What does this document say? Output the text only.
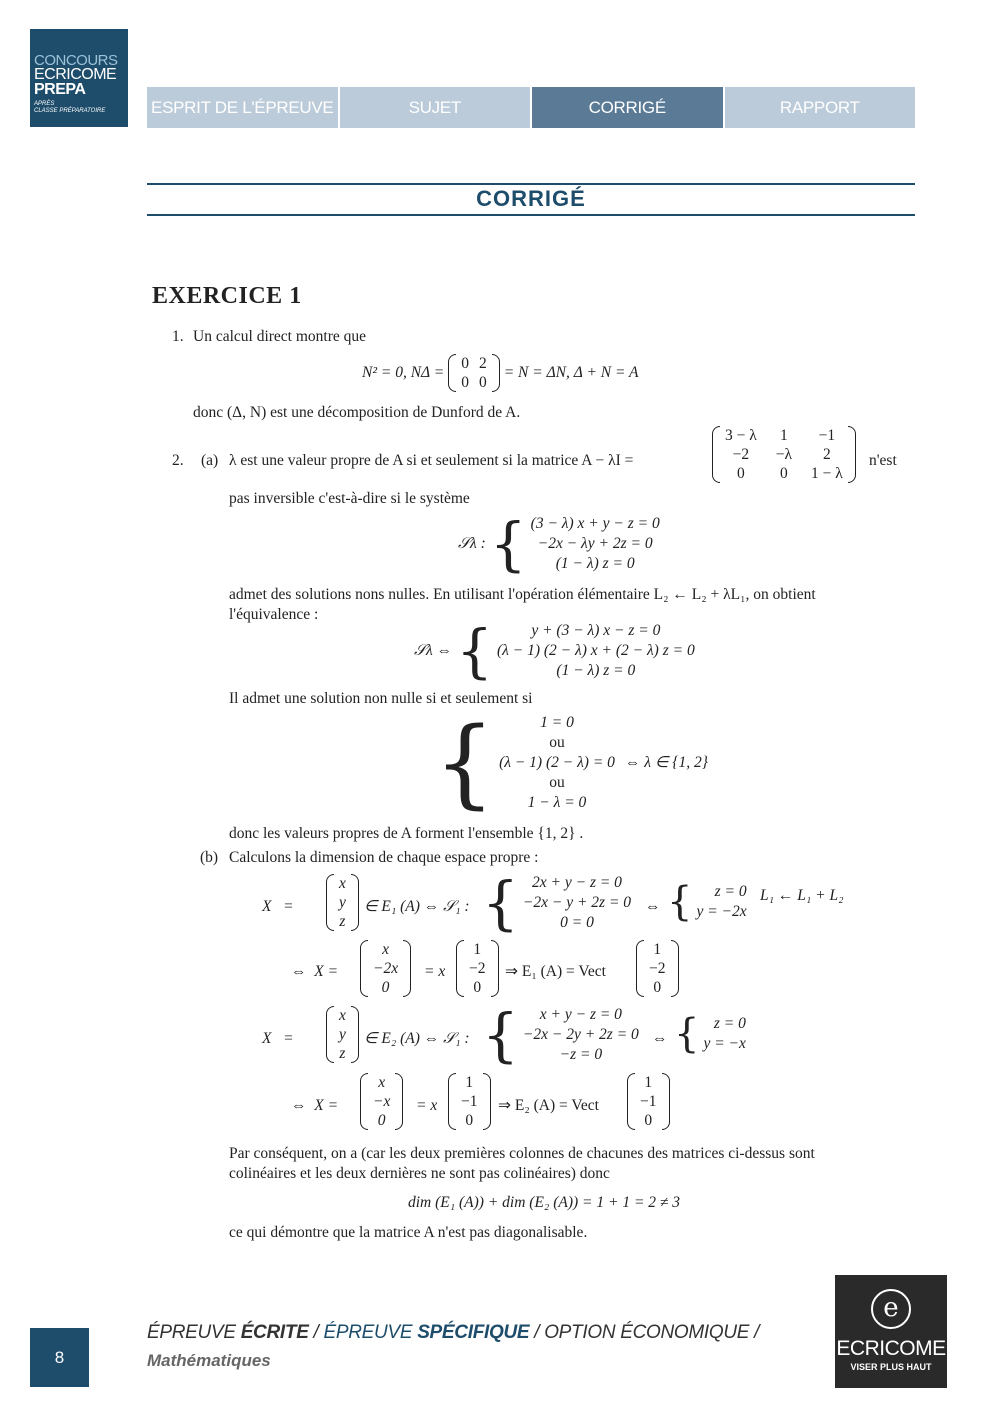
CONCOURS
ECRICOME
PREPA
APRÈS
CLASSE PRÉPARATOIRE	ESPRIT DE L'ÉPREUVE	SUJET	CORRIGÉ	RAPPORT
CORRIGÉ
EXERCICE 1
1. Un calcul direct montre que
N² = 0, NΔ =
0	2
0	0
= N = ΔN, Δ + N = A
donc (Δ, N) est une décomposition de Dunford de A.
2. (a) λ est une valeur propre de A si et seulement si la matrice A − λI =
3 − λ	1	−1
−2	−λ	2
0	0	1 − λ
n'est
pas inversible c'est-à-dire si le système
𝒮λ : { (3 − λ) x + y − z = 0
−2x − λy + 2z = 0
(1 − λ) z = 0
admet des solutions nons nulles. En utilisant l'opération élémentaire L₂ ← L₂ + λL₁, on obtient
l'équivalence :
𝒮λ ⇔ {	y + (3 − λ) x − z = 0
(λ − 1) (2 − λ) x + (2 − λ) z = 0
(1 − λ) z = 0
Il admet une solution non nulle si et seulement si
{	1 = 0
ou
(λ − 1) (2 − λ) = 0
ou
1 − λ = 0
⇔ λ ∈ {1, 2}
donc les valeurs propres de A forment l'ensemble {1, 2} .
(b) Calculons la dimension de chaque espace propre :
X   =
x
y
z
∈ E₁ (A) ⇔ 𝒮₁ : { 2x + y − z = 0
−2x − y + 2z = 0
0 = 0
⇔ {	z = 0
y = −2x
L₁ ← L₁ + L₂
⇔  X =
x
−2x
0
= x
1
−2
0
⇒ E₁ (A) = Vect
1
−2
0
X   =
x
y
z
∈ E₂ (A) ⇔ 𝒮₁ : {	x + y − z = 0
−2x − 2y + 2z = 0
−z = 0
⇔ { z = 0
y = −x
⇔  X =
x
−x
0
= x
1
−1
0
⇒ E₂ (A) = Vect
1
−1
0
Par conséquent, on a (car les deux premières colonnes de chacunes des matrices ci-dessus sont
colinéaires et les deux dernières ne sont pas colinéaires) donc
dim (E₁ (A)) + dim (E₂ (A)) = 1 + 1 = 2 ≠ 3
ce qui démontre que la matrice A n'est pas diagonalisable.
8
ÉPREUVE ÉCRITE / ÉPREUVE SPÉCIFIQUE / OPTION ÉCONOMIQUE /
Mathématiques
e
ECRICOME
VISER PLUS HAUT
